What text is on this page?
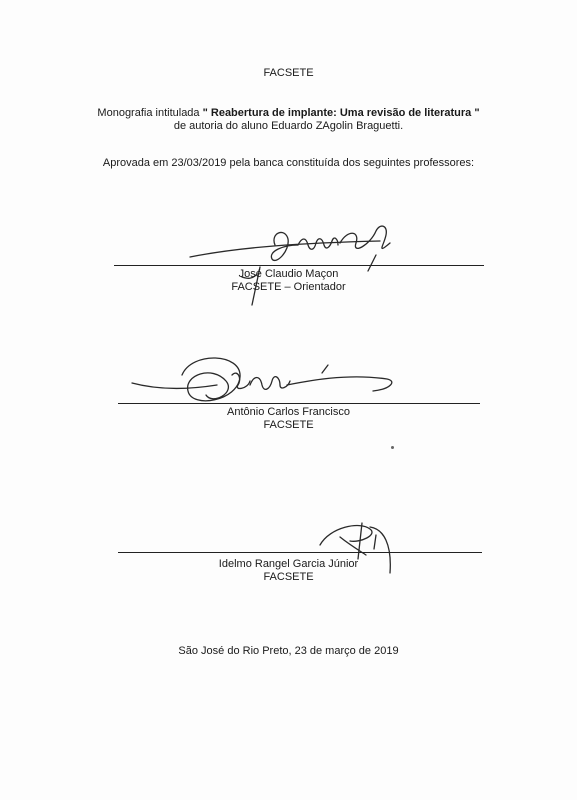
FACSETE
Monografia intitulada " Reabertura de implante: Uma revisão de literatura "
de autoria do aluno Eduardo ZAgolin Braguetti.
Aprovada em 23/03/2019 pela banca constituída dos seguintes professores:
José Claudio Maçon
FACSETE – Orientador
Antônio Carlos Francisco
FACSETE
Idelmo Rangel Garcia Júnior
FACSETE
São José do Rio Preto, 23 de março de 2019
